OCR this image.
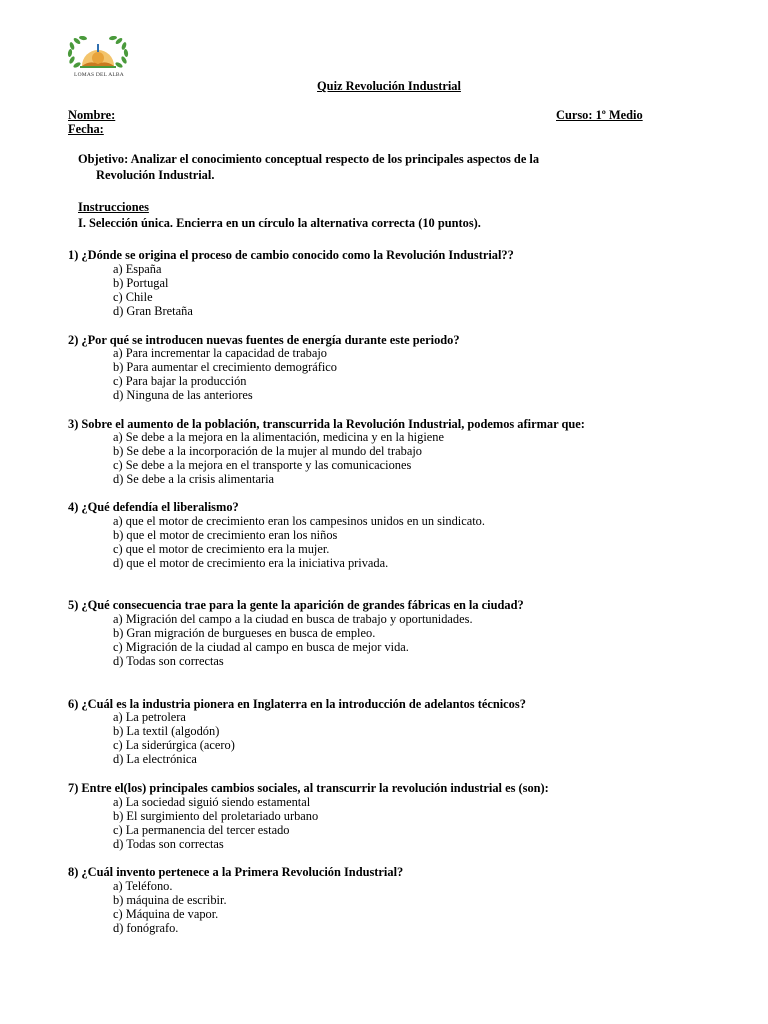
LOMAS DEL ALBA
Quiz Revolución Industrial
Nombre:
Fecha:
Curso: 1º Medio
Objetivo: Analizar el conocimiento conceptual respecto de los principales aspectos de la
Revolución Industrial.
Instrucciones
I. Selección única. Encierra en un círculo la alternativa correcta (10 puntos).
1) ¿Dónde se origina el proceso de cambio conocido como la Revolución Industrial??
a) España
b) Portugal
c) Chile
d) Gran Bretaña
2) ¿Por qué se introducen nuevas fuentes de energía durante este periodo?
a) Para incrementar la capacidad de trabajo
b) Para aumentar el crecimiento demográfico
c) Para bajar la producción
d) Ninguna de las anteriores
3) Sobre el aumento de la población, transcurrida la Revolución Industrial, podemos afirmar que:
a) Se debe a la mejora en la alimentación, medicina y en la higiene
b) Se debe a la incorporación de la mujer al mundo del trabajo
c) Se debe a la mejora en el transporte y las comunicaciones
d) Se debe a la crisis alimentaria
4) ¿Qué defendía el liberalismo?
a) que el motor de crecimiento eran los campesinos unidos en un sindicato.
b) que el motor de crecimiento eran los niños
c) que el motor de crecimiento era la mujer.
d) que el motor de crecimiento era la iniciativa privada.
5) ¿Qué consecuencia trae para la gente la aparición de grandes fábricas en la ciudad?
a) Migración del campo a la ciudad en busca de trabajo y oportunidades.
b) Gran migración de burgueses en busca de empleo.
c) Migración de la ciudad al campo en busca de mejor vida.
d) Todas son correctas
6) ¿Cuál es la industria pionera en Inglaterra en la introducción de adelantos técnicos?
a) La petrolera
b) La textil (algodón)
c) La siderúrgica (acero)
d) La electrónica
7) Entre el(los) principales cambios sociales, al transcurrir la revolución industrial es (son):
a) La sociedad siguió siendo estamental
b) El surgimiento del proletariado urbano
c) La permanencia del tercer estado
d) Todas son correctas
8) ¿Cuál invento pertenece a la Primera Revolución Industrial?
a) Teléfono.
b) máquina de escribir.
c) Máquina de vapor.
d) fonógrafo.
